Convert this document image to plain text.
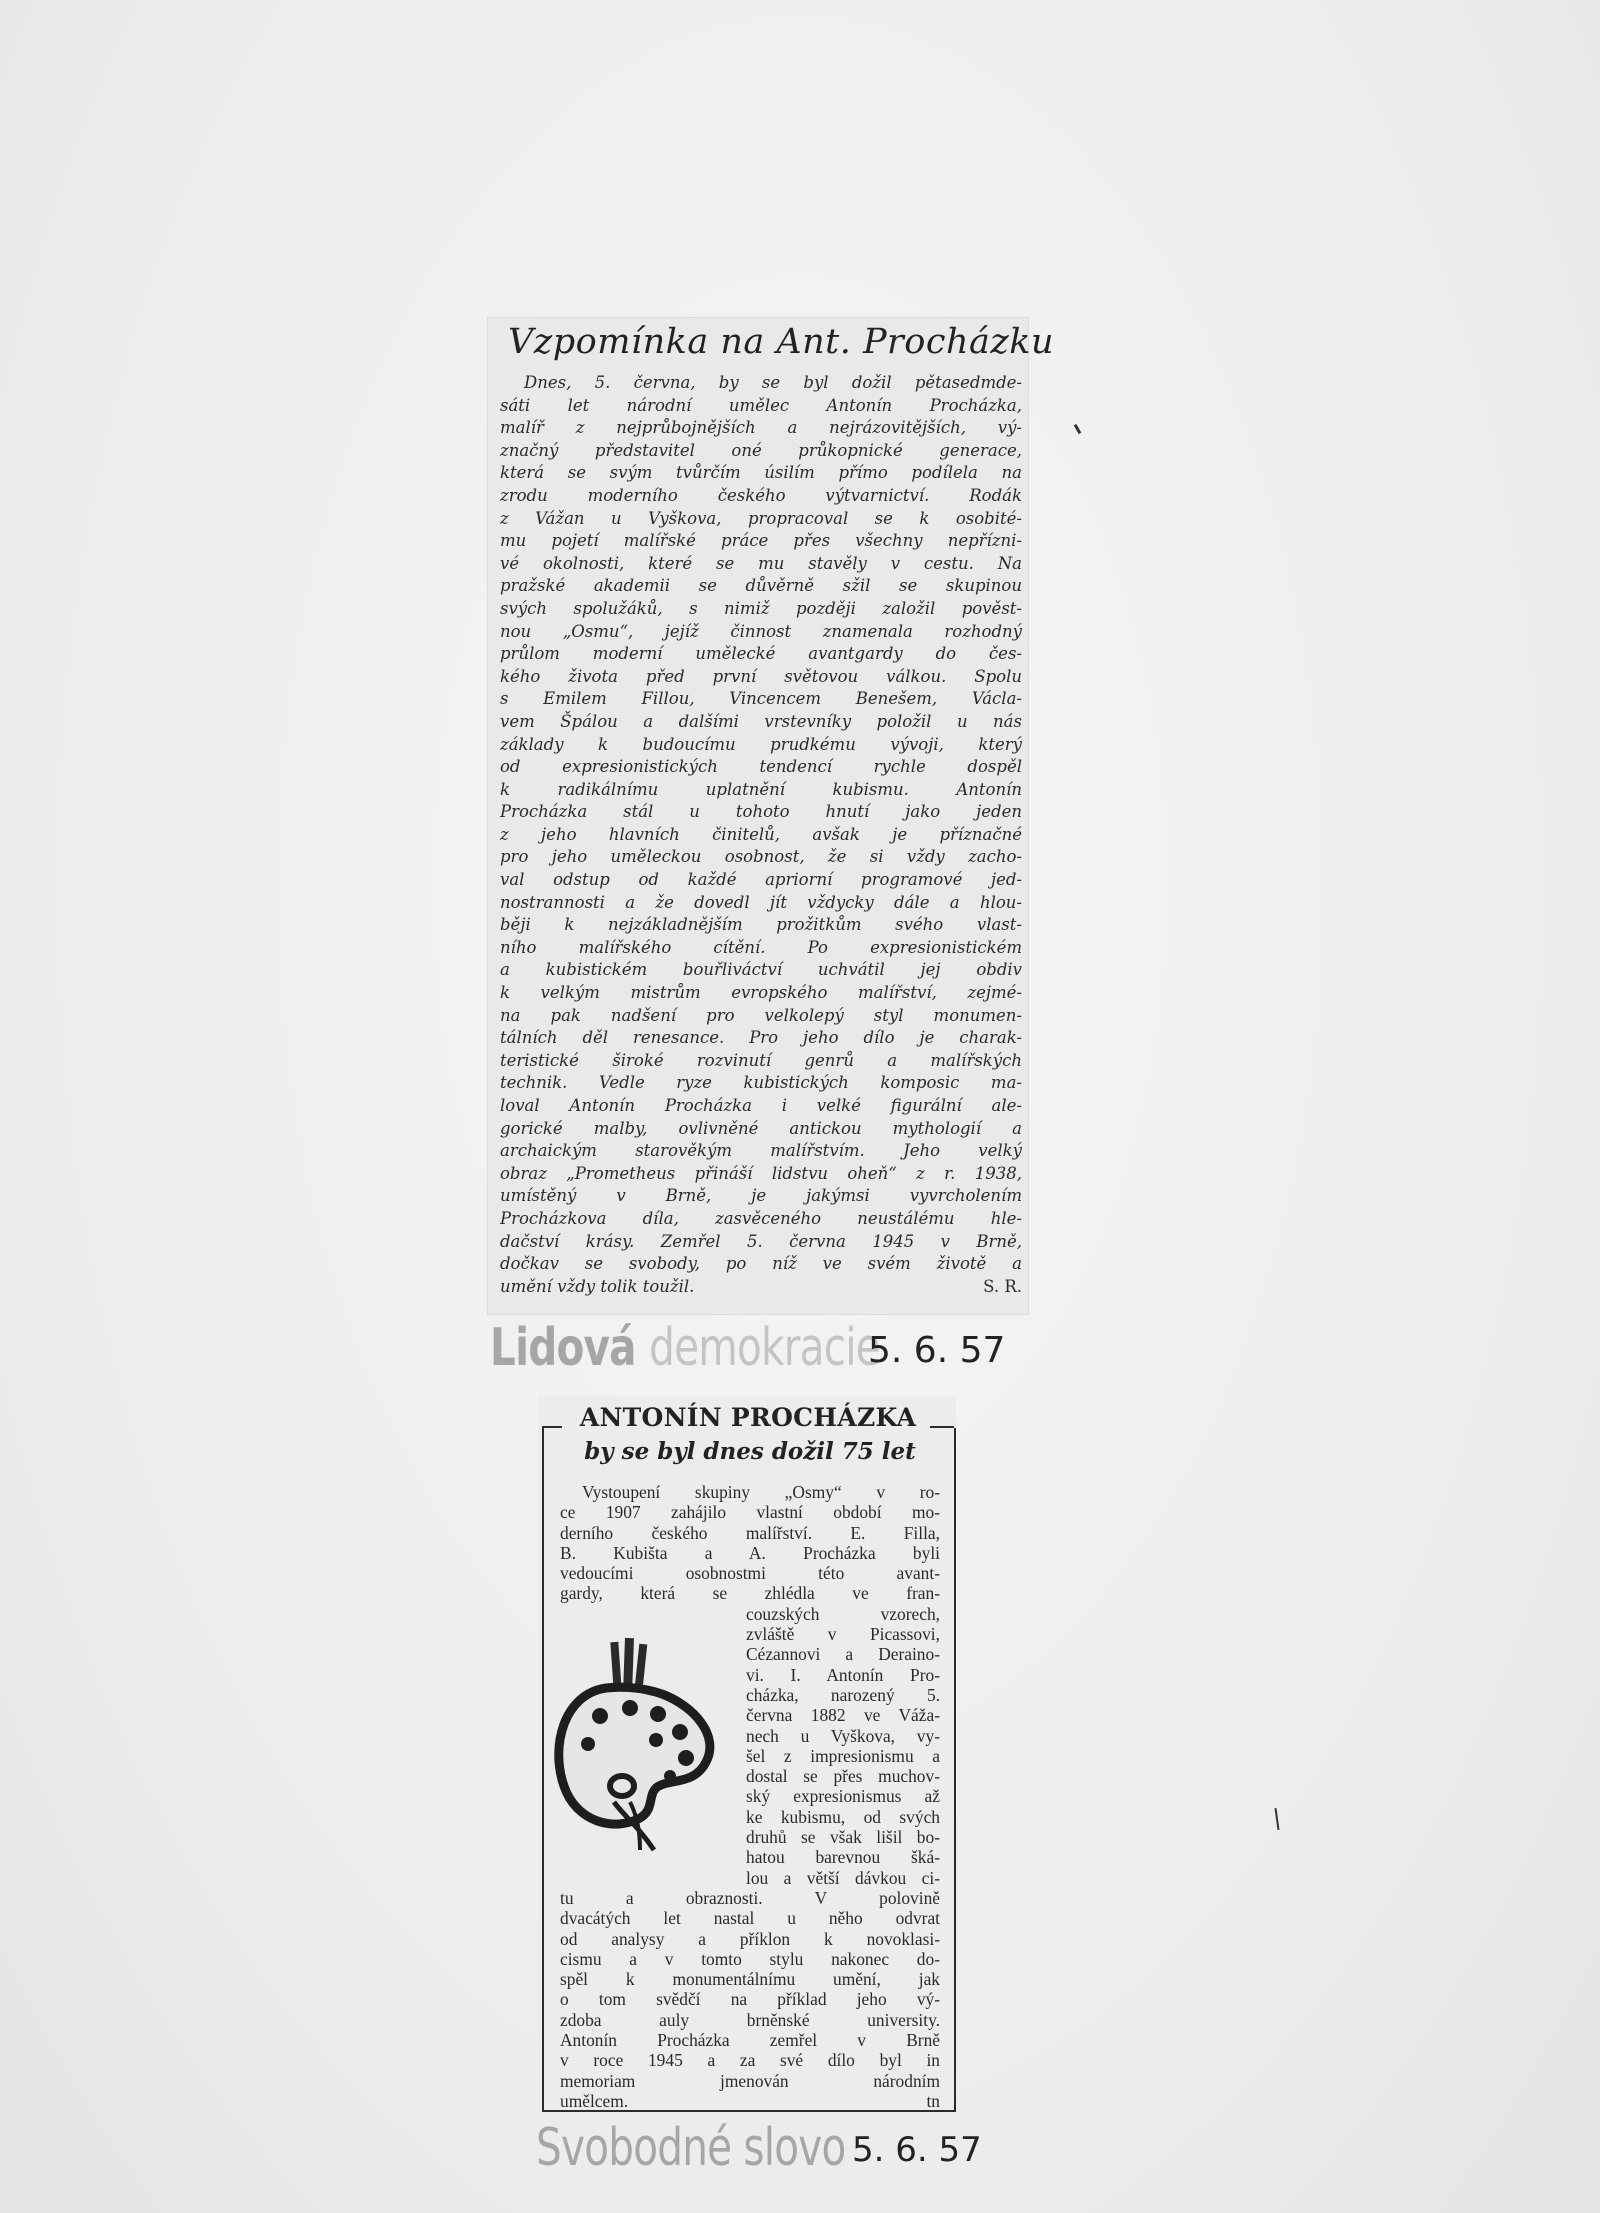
Vzpomínka na Ant. Procházku
Dnes, 5. června, by se byl dožil pětasedmde-
sáti let národní umělec Antonín Procházka,
malíř z nejprůbojnějších a nejrázovitějších, vý-
značný představitel oné průkopnické generace,
která se svým tvůrčím úsilím přímo podílela na
zrodu moderního českého výtvarnictví. Rodák
z Vážan u Vyškova, propracoval se k osobité-
mu pojetí malířské práce přes všechny nepřízni-
vé okolnosti, které se mu stavěly v cestu. Na
pražské akademii se důvěrně sžil se skupinou
svých spolužáků, s nimiž později založil pověst-
nou „Osmu“, jejíž činnost znamenala rozhodný
průlom moderní umělecké avantgardy do čes-
kého života před první světovou válkou. Spolu
s Emilem Fillou, Vincencem Benešem, Václa-
vem Špálou a dalšími vrstevníky položil u nás
základy k budoucímu prudkému vývoji, který
od expresionistických tendencí rychle dospěl
k radikálnímu uplatnění kubismu. Antonín
Procházka stál u tohoto hnutí jako jeden
z jeho hlavních činitelů, avšak je příznačné
pro jeho uměleckou osobnost, že si vždy zacho-
val odstup od každé apriorní programové jed-
nostrannosti a že dovedl jít vždycky dále a hlou-
běji k nejzákladnějším prožitkům svého vlast-
ního malířského cítění. Po expresionistickém
a kubistickém bouřliváctví uchvátil jej obdiv
k velkým mistrům evropského malířství, zejmé-
na pak nadšení pro velkolepý styl monumen-
tálních děl renesance. Pro jeho dílo je charak-
teristické široké rozvinutí genrů a malířských
technik. Vedle ryze kubistických komposic ma-
loval Antonín Procházka i velké figurální ale-
gorické malby, ovlivněné antickou mythologií a
archaickým starověkým malířstvím. Jeho velký
obraz „Prometheus přináší lidstvu oheň“ z r. 1938,
umístěný v Brně, je jakýmsi vyvrcholením
Procházkova díla, zasvěceného neustálému hle-
dačství krásy. Zemřel 5. června 1945 v Brně,
dočkav se svobody, po níž ve svém životě a
umění vždy tolik toužil.	S. R.
Lidová demokracie
5. 6. 57
ANTONÍN PROCHÁZKA
by se byl dnes dožil 75 let
Vystoupení skupiny „Osmy“ v ro-
ce 1907 zahájilo vlastní období mo-
derního českého malířství. E. Filla,
B. Kubišta a A. Procházka byli
vedoucími osobnostmi této avant-
gardy, která se zhlédla ve fran-
couzských vzorech,
zvláště v Picassovi,
Cézannovi a Deraino-
vi. I. Antonín Pro-
cházka, narozený 5.
června 1882 ve Váža-
nech u Vyškova, vy-
šel z impresionismu a
dostal se přes muchov-
ský expresionismus až
ke kubismu, od svých
druhů se však lišil bo-
hatou barevnou šká-
lou a větší dávkou ci-
tu a obraznosti. V polovině
dvacátých let nastal u něho odvrat
od analysy a příklon k novoklasi-
cismu a v tomto stylu nakonec do-
spěl k monumentálnímu umění, jak
o tom svědčí na příklad jeho vý-
zdoba auly brněnské university.
Antonín Procházka zemřel v Brně
v roce 1945 a za své dílo byl in
memoriam jmenován národním
umělcem. tn
Svobodné slovo 5. 6. 57
